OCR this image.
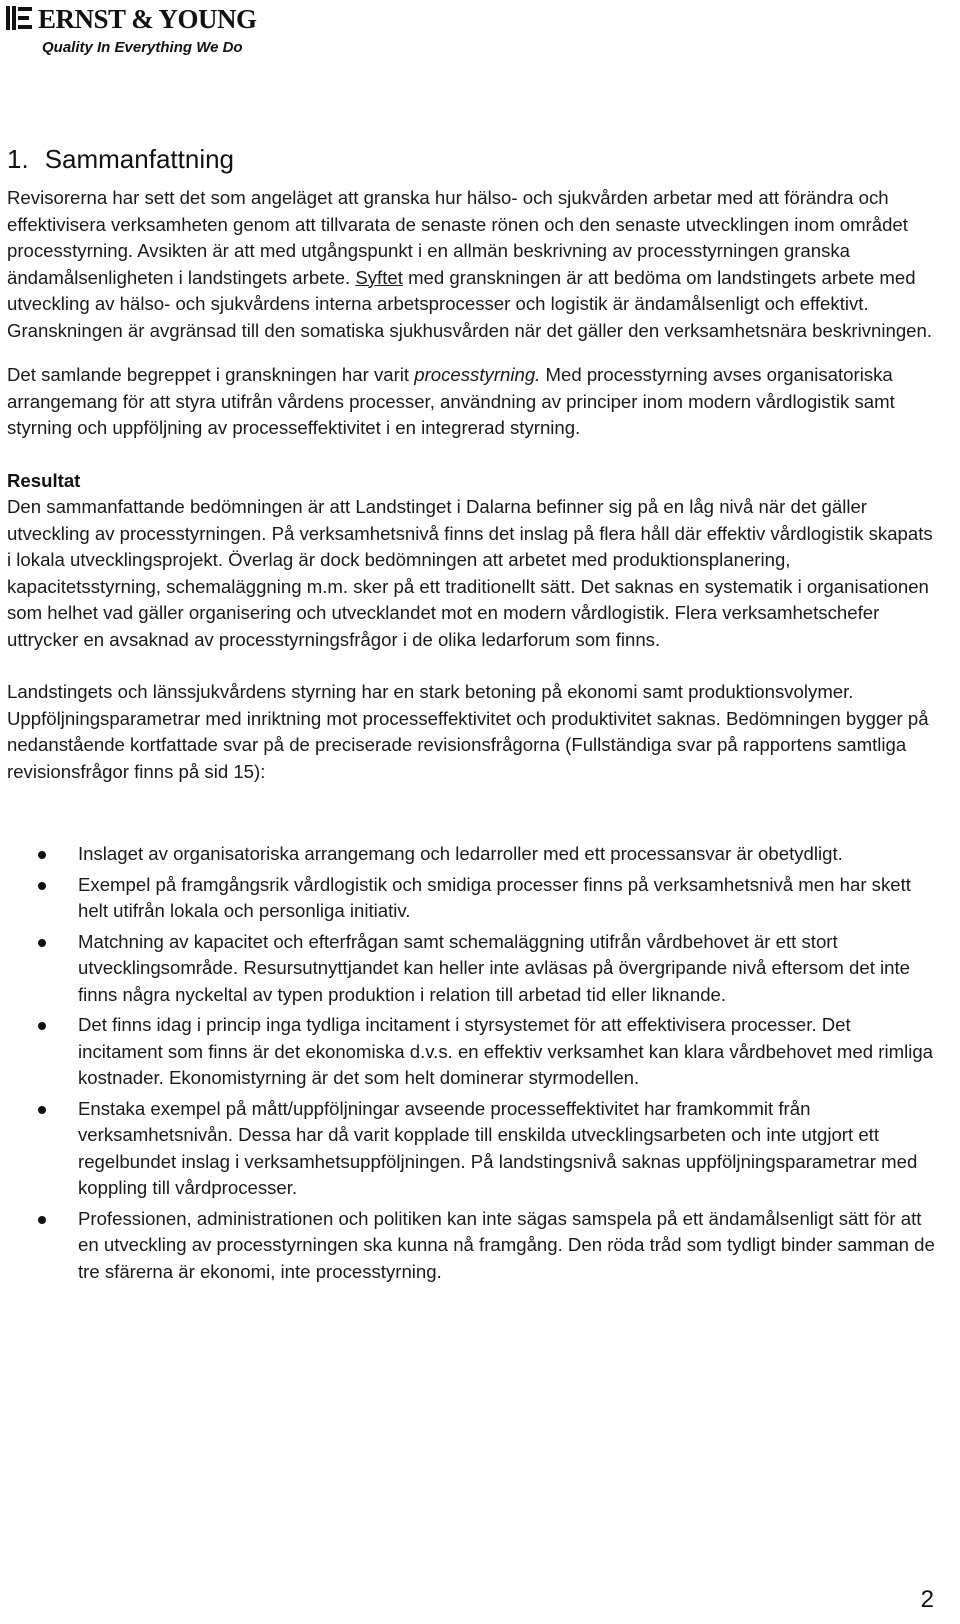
ERNST & YOUNG
Quality In Everything We Do
1. Sammanfattning

Revisorerna har sett det som angeläget att granska hur hälso- och sjukvården arbetar med att förändra och effektivisera verksamheten genom att tillvarata de senaste rönen och den senaste utvecklingen inom området processtyrning. Avsikten är att med utgångspunkt i en allmän beskrivning av processtyrningen granska ändamålsenligheten i landstingets arbete. Syftet med granskningen är att bedöma om landstingets arbete med utveckling av hälso- och sjukvårdens interna arbetsprocesser och logistik är ändamålsenligt och effektivt. Granskningen är avgränsad till den somatiska sjukhusvården när det gäller den verksamhetsnära beskrivningen.

Det samlande begreppet i granskningen har varit processtyrning. Med processtyrning avses organisatoriska arrangemang för att styra utifrån vårdens processer, användning av principer inom modern vårdlogistik samt styrning och uppföljning av processeffektivitet i en integrerad styrning.

Resultat

Den sammanfattande bedömningen är att Landstinget i Dalarna befinner sig på en låg nivå när det gäller utveckling av processtyrningen. På verksamhetsnivå finns det inslag på flera håll där effektiv vårdlogistik skapats i lokala utvecklingsprojekt. Överlag är dock bedömningen att arbetet med produktionsplanering, kapacitetsstyrning, schemaläggning m.m. sker på ett traditionellt sätt. Det saknas en systematik i organisationen som helhet vad gäller organisering och utvecklandet mot en modern vårdlogistik. Flera verksamhetschefer uttrycker en avsaknad av processtyrningsfrågor i de olika ledarforum som finns.

Landstingets och länssjukvårdens styrning har en stark betoning på ekonomi samt produktionsvolymer. Uppföljningsparametrar med inriktning mot processeffektivitet och produktivitet saknas. Bedömningen bygger på nedanstående kortfattade svar på de preciserade revisionsfrågorna (Fullständiga svar på rapportens samtliga revisionsfrågor finns på sid 15):

Inslaget av organisatoriska arrangemang och ledarroller med ett processansvar är obetydligt.
Exempel på framgångsrik vårdlogistik och smidiga processer finns på verksamhetsnivå men har skett helt utifrån lokala och personliga initiativ.
Matchning av kapacitet och efterfrågan samt schemaläggning utifrån vårdbehovet är ett stort utvecklingsområde. Resursutnyttjandet kan heller inte avläsas på övergripande nivå eftersom det inte finns några nyckeltal av typen produktion i relation till arbetad tid eller liknande.
Det finns idag i princip inga tydliga incitament i styrsystemet för att effektivisera processer. Det incitament som finns är det ekonomiska d.v.s. en effektiv verksamhet kan klara vårdbehovet med rimliga kostnader. Ekonomistyrning är det som helt dominerar styrmodellen.
Enstaka exempel på mått/uppföljningar avseende processeffektivitet har framkommit från verksamhetsnivån. Dessa har då varit kopplade till enskilda utvecklingsarbeten och inte utgjort ett regelbundet inslag i verksamhetsuppföljningen. På landstingsnivå saknas uppföljningsparametrar med koppling till vårdprocesser.
Professionen, administrationen och politiken kan inte sägas samspela på ett ändamålsenligt sätt för att en utveckling av processtyrningen ska kunna nå framgång. Den röda tråd som tydligt binder samman de tre sfärerna är ekonomi, inte processtyrning.
2
